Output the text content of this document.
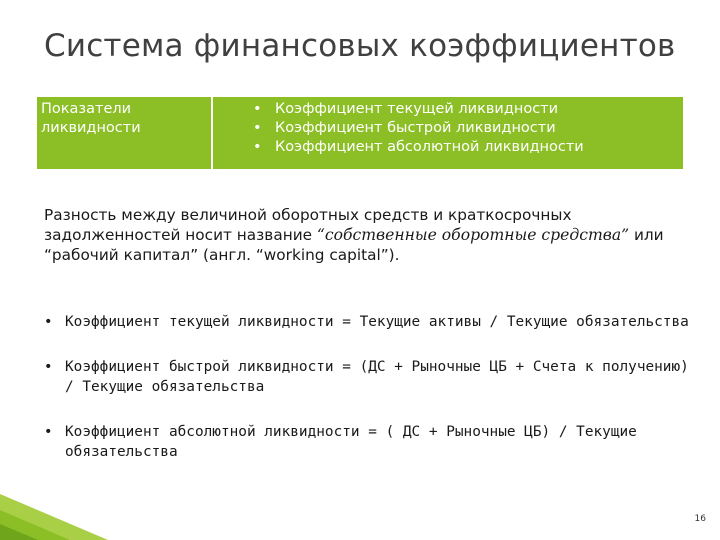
Система финансовых коэффициентов
Показатели ликвидности
• Коэффициент текущей ликвидности
• Коэффициент быстрой ликвидности
• Коэффициент абсолютной ликвидности
Разность между величиной оборотных средств и краткосрочных задолженностей носит название “собственные оборотные средства” или “рабочий капитал” (англ. “working capital”).
• Коэффициент текущей ликвидности = Текущие активы / Текущие обязательства
• Коэффициент быстрой ликвидности = (ДС + Рыночные ЦБ + Счета к получению) / Текущие обязательства
• Коэффициент абсолютной ликвидности = ( ДС + Рыночные ЦБ) / Текущие обязательства
16
